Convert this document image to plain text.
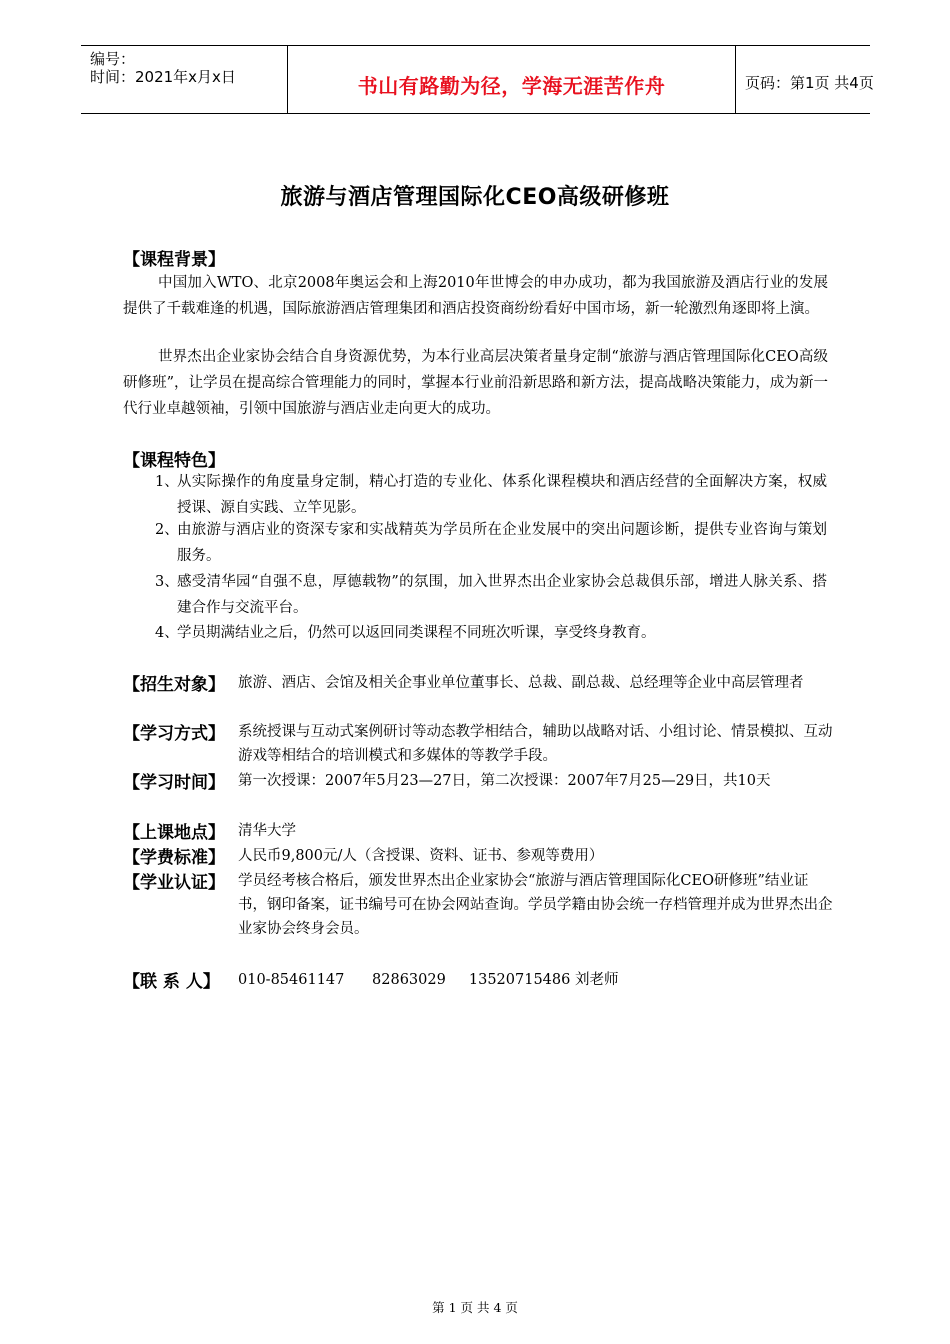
编号：
时间：2021年x月x日	书山有路勤为径，学海无涯苦作舟	页码：第1页 共4页
旅游与酒店管理国际化CEO高级研修班
【课程背景】
中国加入WTO、北京2008年奥运会和上海2010年世博会的申办成功，都为我国旅游及酒店行业的发展提供了千载难逢的机遇，国际旅游酒店管理集团和酒店投资商纷纷看好中国市场，新一轮激烈角逐即将上演。
世界杰出企业家协会结合自身资源优势，为本行业高层决策者量身定制“旅游与酒店管理国际化CEO高级研修班”，让学员在提高综合管理能力的同时，掌握本行业前沿新思路和新方法，提高战略决策能力，成为新一代行业卓越领袖，引领中国旅游与酒店业走向更大的成功。
【课程特色】
1、
从实际操作的角度量身定制，精心打造的专业化、体系化课程模块和酒店经营的全面解决方案，权威授课、源自实践、立竿见影。
2、
由旅游与酒店业的资深专家和实战精英为学员所在企业发展中的突出问题诊断，提供专业咨询与策划服务。
3、
感受清华园“自强不息，厚德载物”的氛围，加入世界杰出企业家协会总裁俱乐部，增进人脉关系、搭建合作与交流平台。
4、
学员期满结业之后，仍然可以返回同类课程不同班次听课，享受终身教育。
【招生对象】 旅游、酒店、会馆及相关企事业单位董事长、总裁、副总裁、总经理等企业中高层管理者
【学习方式】 系统授课与互动式案例研讨等动态教学相结合，辅助以战略对话、小组讨论、情景模拟、互动游戏等相结合的培训模式和多媒体的等教学手段。
【学习时间】 第一次授课：2007年5月23—27日，第二次授课：2007年7月25—29日，共10天
【上课地点】 清华大学
【学费标准】 人民币9,800元/人（含授课、资料、证书、参观等费用）
【学业认证】 学员经考核合格后，颁发世界杰出企业家协会“旅游与酒店管理国际化CEO研修班”结业证书，钢印备案，证书编号可在协会网站查询。学员学籍由协会统一存档管理并成为世界杰出企业家协会终身会员。
【联 系 人】 010-85461147      82863029     13520715486 刘老师
第 1 页 共 4 页
